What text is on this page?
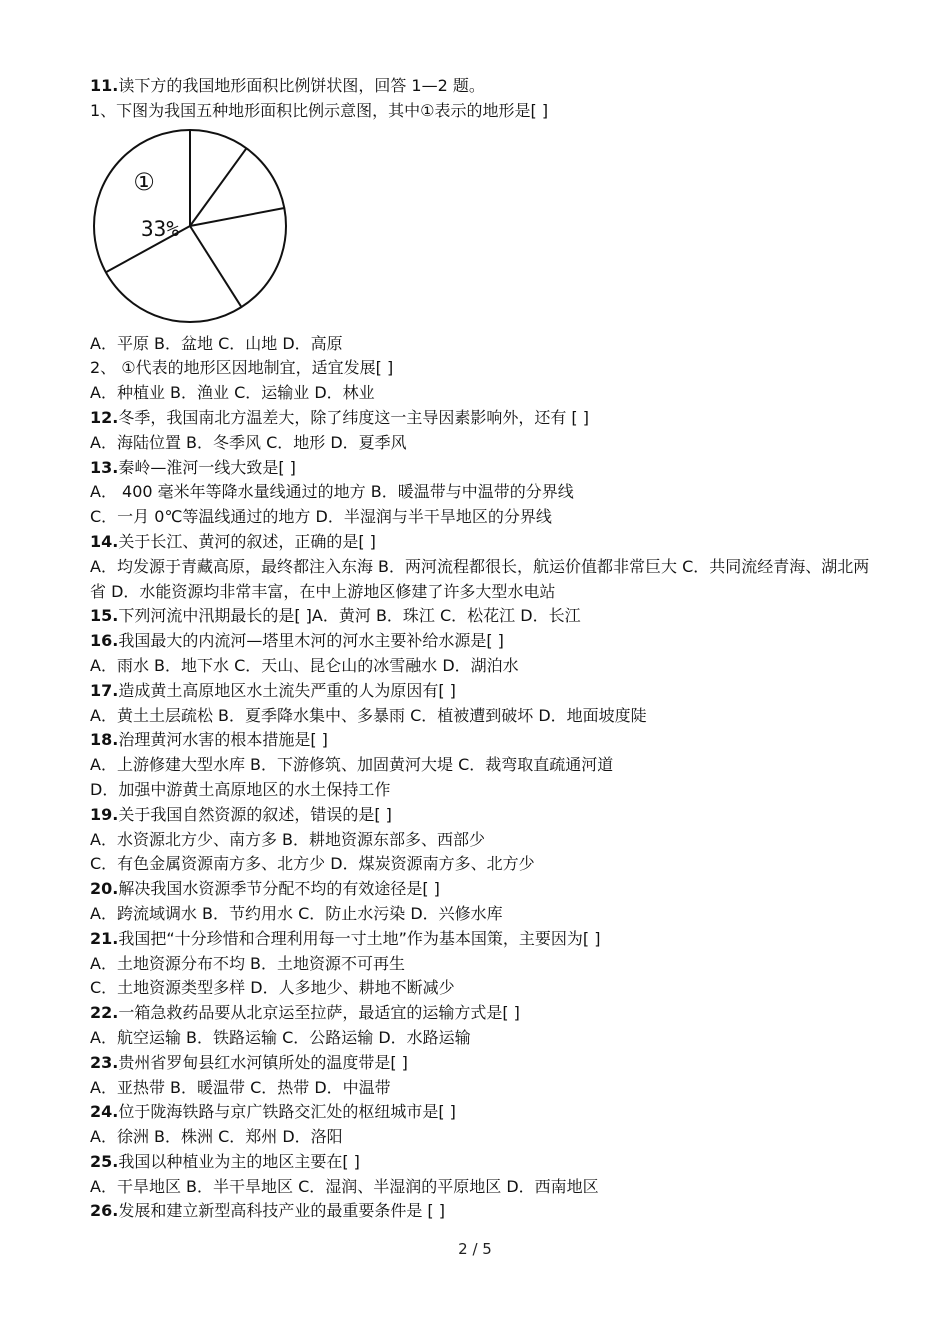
11.读下方的我国地形面积比例饼状图，回答 1—2 题。
1、下图为我国五种地形面积比例示意图，其中①表示的地形是[ ]
①
33%
A．平原 B．盆地 C．山地 D．高原
2、 ①代表的地形区因地制宜，适宜发展[ ]
A．种植业 B．渔业 C．运输业 D．林业
12.冬季，我国南北方温差大，除了纬度这一主导因素影响外，还有 [ ]
A．海陆位置 B．冬季风 C．地形 D．夏季风
13.秦岭—淮河一线大致是[ ]
A． 400 毫米年等降水量线通过的地方 B．暖温带与中温带的分界线
C．一月 0℃等温线通过的地方 D．半湿润与半干旱地区的分界线
14.关于长江、黄河的叙述，正确的是[ ]
A．均发源于青藏高原，最终都注入东海 B．两河流程都很长，航运价值都非常巨大 C．共同流经青海、湖北两省 D．水能资源均非常丰富，在中上游地区修建了许多大型水电站
15.下列河流中汛期最长的是[ ]A．黄河 B．珠江 C．松花江 D．长江
16.我国最大的内流河—塔里木河的河水主要补给水源是[ ]
A．雨水 B．地下水 C．天山、昆仑山的冰雪融水 D．湖泊水
17.造成黄土高原地区水土流失严重的人为原因有[ ]
A．黄土土层疏松 B．夏季降水集中、多暴雨 C．植被遭到破坏 D．地面坡度陡
18.治理黄河水害的根本措施是[ ]
A．上游修建大型水库 B．下游修筑、加固黄河大堤 C．裁弯取直疏通河道
D．加强中游黄土高原地区的水土保持工作
19.关于我国自然资源的叙述，错误的是[ ]
A．水资源北方少、南方多 B．耕地资源东部多、西部少
C．有色金属资源南方多、北方少 D．煤炭资源南方多、北方少
20.解决我国水资源季节分配不均的有效途径是[ ]
A．跨流域调水 B．节约用水 C．防止水污染 D．兴修水库
21.我国把“十分珍惜和合理利用每一寸土地”作为基本国策，主要因为[ ]
A．土地资源分布不均 B．土地资源不可再生
C．土地资源类型多样 D．人多地少、耕地不断减少
22.一箱急救药品要从北京运至拉萨，最适宜的运输方式是[ ]
A．航空运输 B．铁路运输 C．公路运输 D．水路运输
23.贵州省罗甸县红水河镇所处的温度带是[ ]
A．亚热带 B．暖温带 C．热带 D．中温带
24.位于陇海铁路与京广铁路交汇处的枢纽城市是[ ]
A．徐洲 B．株洲 C．郑州 D．洛阳
25.我国以种植业为主的地区主要在[ ]
A．干旱地区 B．半干旱地区 C．湿润、半湿润的平原地区 D．西南地区
26.发展和建立新型高科技产业的最重要条件是 [ ]
2 / 5
